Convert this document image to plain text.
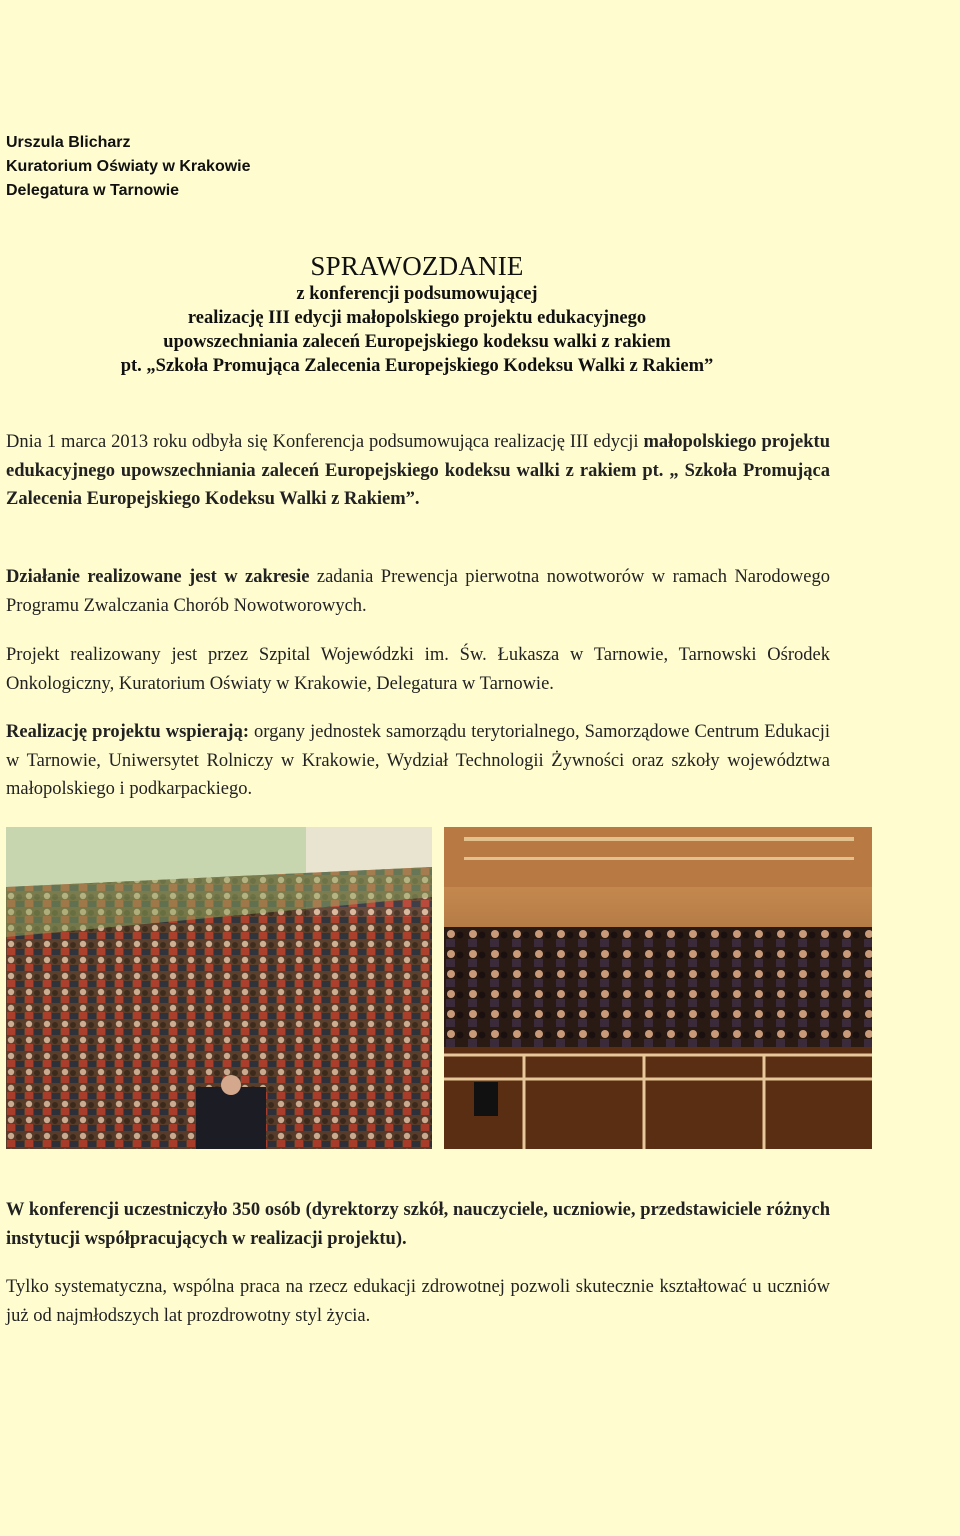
Urszula Blicharz
Kuratorium Oświaty w Krakowie
Delegatura w Tarnowie
SPRAWOZDANIE
z konferencji podsumowującej
realizację III edycji małopolskiego projektu edukacyjnego
upowszechniania zaleceń Europejskiego kodeksu walki z rakiem
pt. „Szkoła Promująca Zalecenia Europejskiego Kodeksu Walki z Rakiem”

Dnia 1 marca 2013 roku odbyła się Konferencja podsumowująca realizację III edycji małopolskiego projektu edukacyjnego upowszechniania zaleceń Europejskiego kodeksu walki z rakiem pt. „ Szkoła Promująca Zalecenia Europejskiego Kodeksu Walki z Rakiem”.

Działanie realizowane jest w zakresie zadania Prewencja pierwotna nowotworów w ramach Narodowego Programu Zwalczania Chorób Nowotworowych.

Projekt realizowany jest przez Szpital Wojewódzki im. Św. Łukasza w Tarnowie, Tarnowski Ośrodek Onkologiczny, Kuratorium Oświaty w Krakowie, Delegatura w Tarnowie.

Realizację projektu wspierają: organy jednostek samorządu terytorialnego, Samorządowe Centrum Edukacji w Tarnowie, Uniwersytet Rolniczy w Krakowie, Wydział Technologii Żywności oraz szkoły województwa małopolskiego i podkarpackiego.

W konferencji uczestniczyło 350 osób (dyrektorzy szkół, nauczyciele, uczniowie, przedstawiciele różnych instytucji współpracujących w realizacji projektu).

Tylko systematyczna, wspólna praca na rzecz edukacji zdrowotnej pozwoli skutecznie kształtować u uczniów już od najmłodszych lat prozdrowotny styl życia.
